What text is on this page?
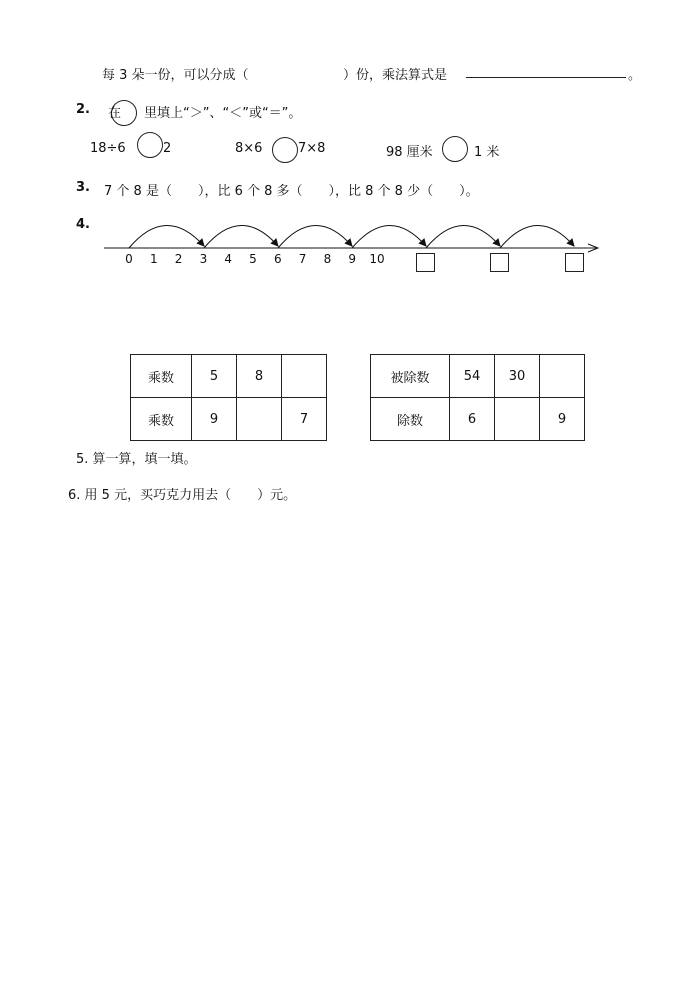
每 3 朵一份，可以分成（	）份，乘法算式是	。
2. 在 里填上“＞”、“＜”或“＝”。
18÷6	2	8×6	7×8	98 厘米	1 米
3. 7 个 8 是（　　），比 6 个 8 多（　　），比 8 个 8 少（　　）。
4.
0 1 2 3 4 5 6 7 8 9 10
乘数	5	8	
乘数	9		7
被除数	54	30	
除数	6		9
5. 算一算，填一填。
6. 用 5 元，买巧克力用去（　　）元。
